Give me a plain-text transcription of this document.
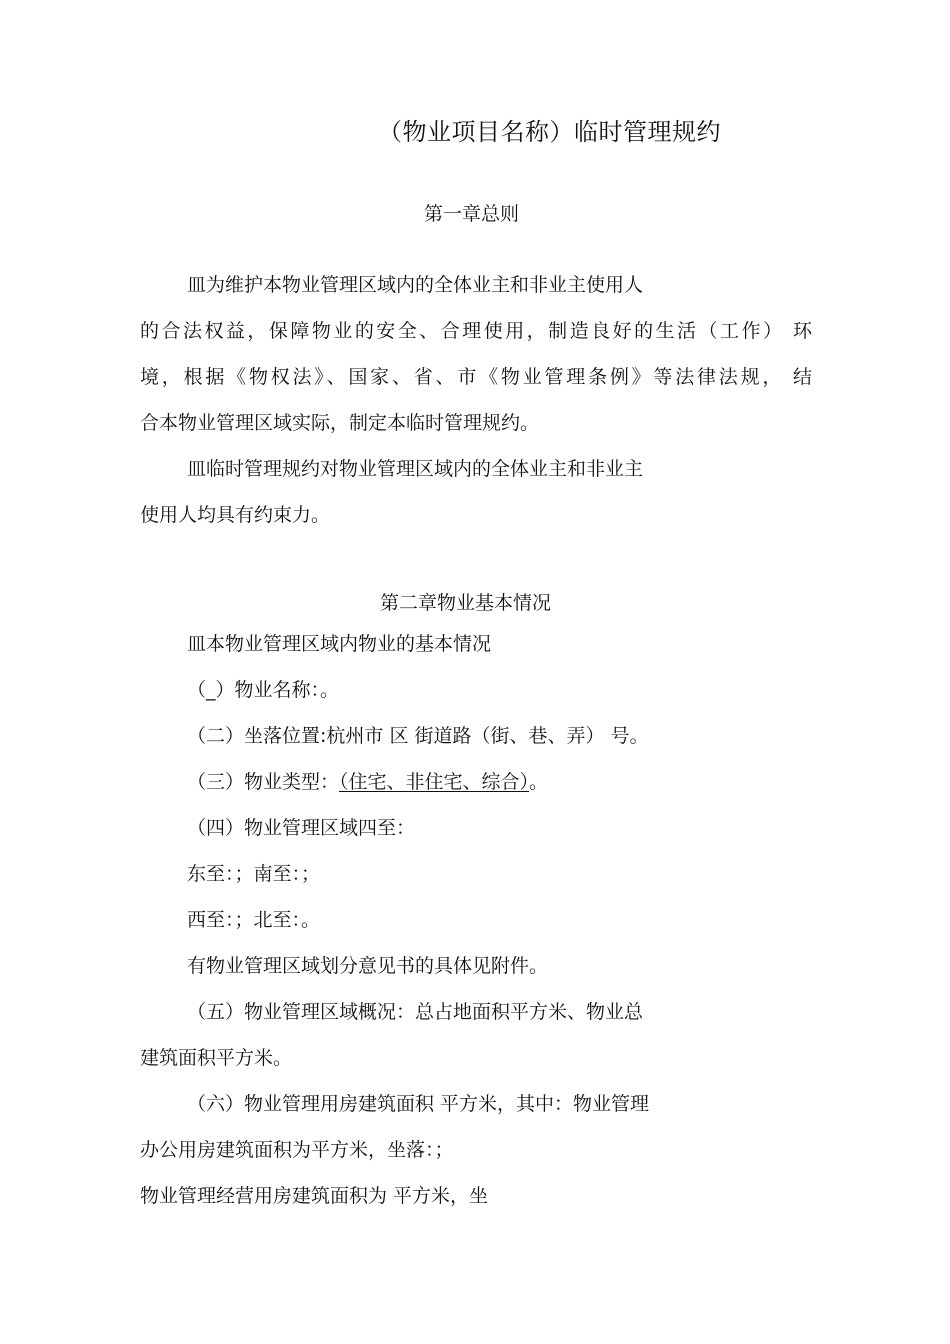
（物业项目名称）临时管理规约
第一章总则
皿为维护本物业管理区域内的全体业主和非业主使用人
的合法权益，保障物业的安全、合理使用，制造良好的生活（工作） 环
境，根据《物权法》、国家、省、市《物业管理条例》等法律法规， 结
合本物业管理区域实际，制定本临时管理规约。
皿临时管理规约对物业管理区域内的全体业主和非业主
使用人均具有约束力。
第二章物业基本情况
皿本物业管理区域内物业的基本情况
（_）物业名称：。
（二）坐落位置:杭州市 区 街道路（街、巷、弄） 号。
（三）物业类型：（住宅、非住宅、综合）。
（四）物业管理区域四至：
东至：；南至：；
西至：；北至：。
有物业管理区域划分意见书的具体见附件。
（五）物业管理区域概况：总占地面积平方米、物业总
建筑面积平方米。
（六）物业管理用房建筑面积 平方米，其中：物业管理
办公用房建筑面积为平方米，坐落：；
物业管理经营用房建筑面积为 平方米，坐
